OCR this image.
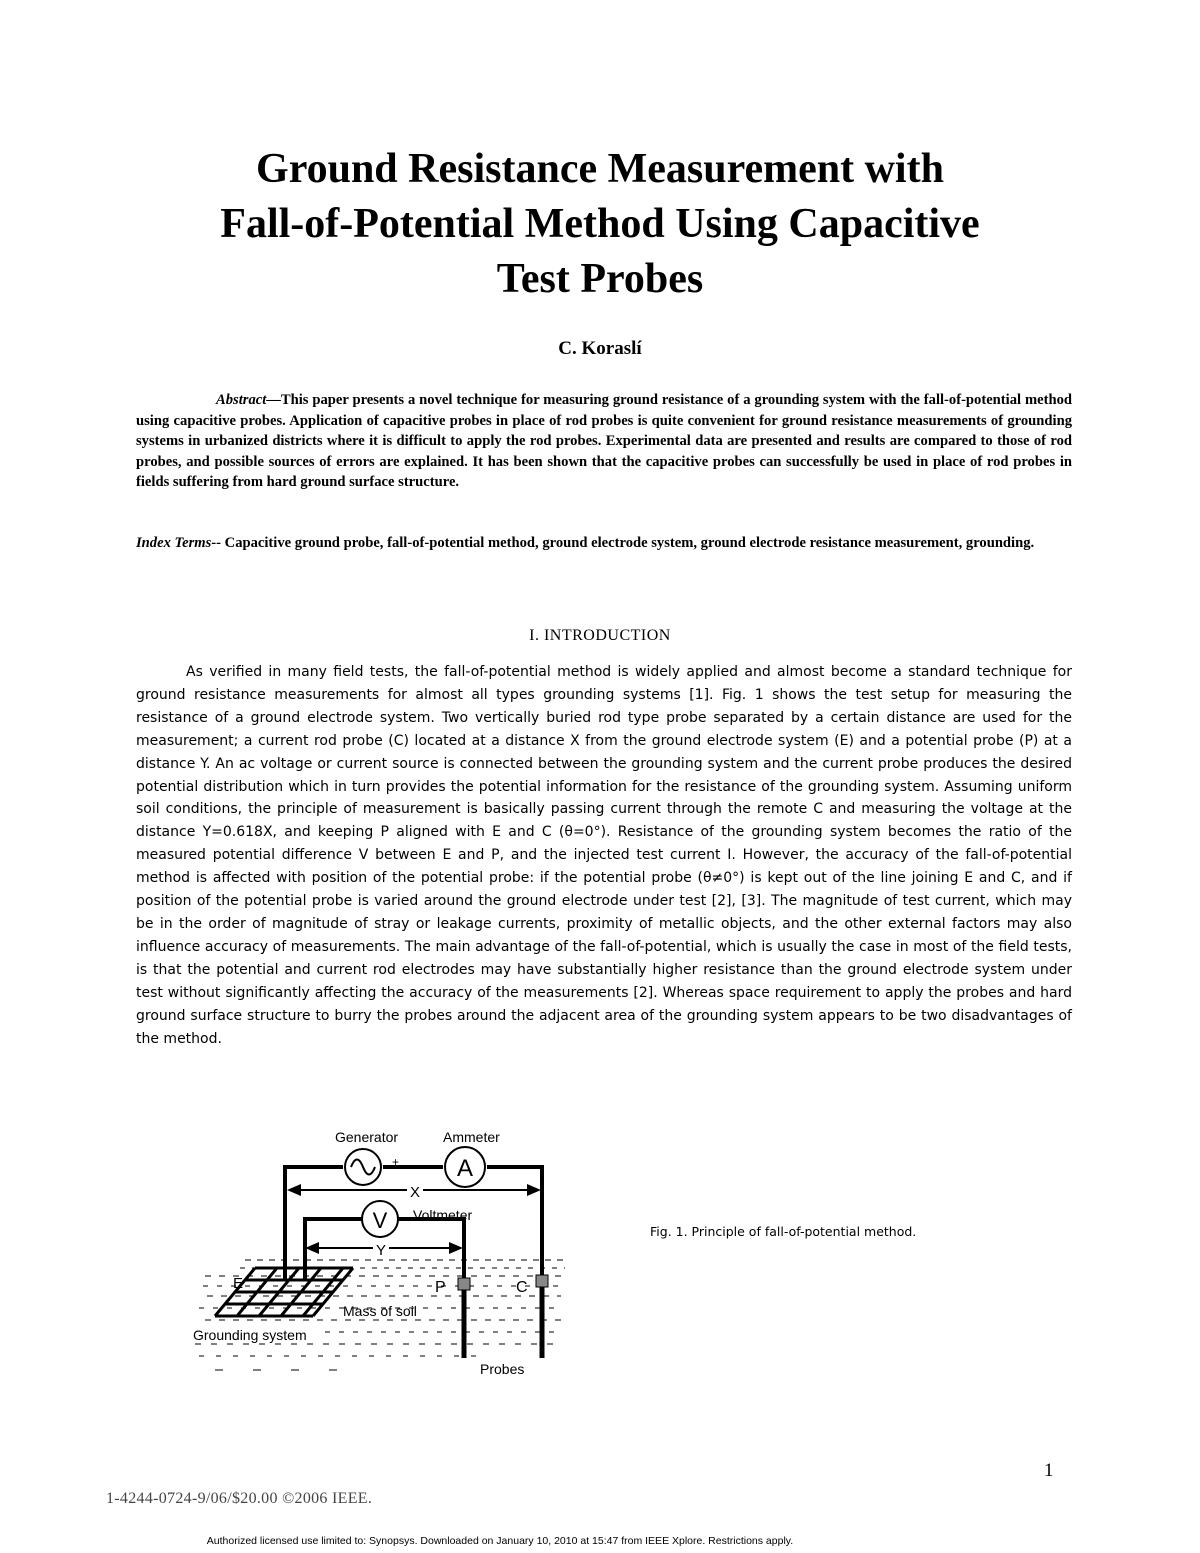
Ground Resistance Measurement with
Fall-of-Potential Method Using Capacitive
Test Probes
C. Koraslí
Abstract—This paper presents a novel technique for measuring ground resistance of a grounding system with the fall-of-potential method using capacitive probes. Application of capacitive probes in place of rod probes is quite convenient for ground resistance measurements of grounding systems in urbanized districts where it is difficult to apply the rod probes. Experimental data are presented and results are compared to those of rod probes, and possible sources of errors are explained. It has been shown that the capacitive probes can successfully be used in place of rod probes in fields suffering from hard ground surface structure.
Index Terms-- Capacitive ground probe, fall-of-potential method, ground electrode system, ground electrode resistance measurement, grounding.
I. INTRODUCTION
As verified in many field tests, the fall-of-potential method is widely applied and almost become a standard technique for ground resistance measurements for almost all types grounding systems [1]. Fig. 1 shows the test setup for measuring the resistance of a ground electrode system. Two vertically buried rod type probe separated by a certain distance are used for the measurement; a current rod probe (C) located at a distance X from the ground electrode system (E) and a potential probe (P) at a distance Y. An ac voltage or current source is connected between the grounding system and the current probe produces the desired potential distribution which in turn provides the potential information for the resistance of the grounding system. Assuming uniform soil conditions, the principle of measurement is basically passing current through the remote C and measuring the voltage at the distance Y=0.618X, and keeping P aligned with E and C (θ=0°). Resistance of the grounding system becomes the ratio of the measured potential difference V between E and P, and the injected test current I. However, the accuracy of the fall-of-potential method is affected with position of the potential probe: if the potential probe (θ≠0°) is kept out of the line joining E and C, and if position of the potential probe is varied around the ground electrode under test [2], [3]. The magnitude of test current, which may be in the order of magnitude of stray or leakage currents, proximity of metallic objects, and the other external factors may also influence accuracy of measurements. The main advantage of the fall-of-potential, which is usually the case in most of the field tests, is that the potential and current rod electrodes may have substantially higher resistance than the ground electrode system under test without significantly affecting the accuracy of the measurements [2]. Whereas space requirement to apply the probes and hard ground surface structure to burry the probes around the adjacent area of the grounding system appears to be two disadvantages of the method.
+
Generator
A
Ammeter
V Voltmeter
X
Y
E	P	C
Mass of soil
Grounding system
Probes
Fig. 1. Principle of fall-of-potential method.
1
1-4244-0724-9/06/$20.00 ©2006 IEEE.
Authorized licensed use limited to: Synopsys. Downloaded on January 10, 2010 at 15:47 from IEEE Xplore. Restrictions apply.
